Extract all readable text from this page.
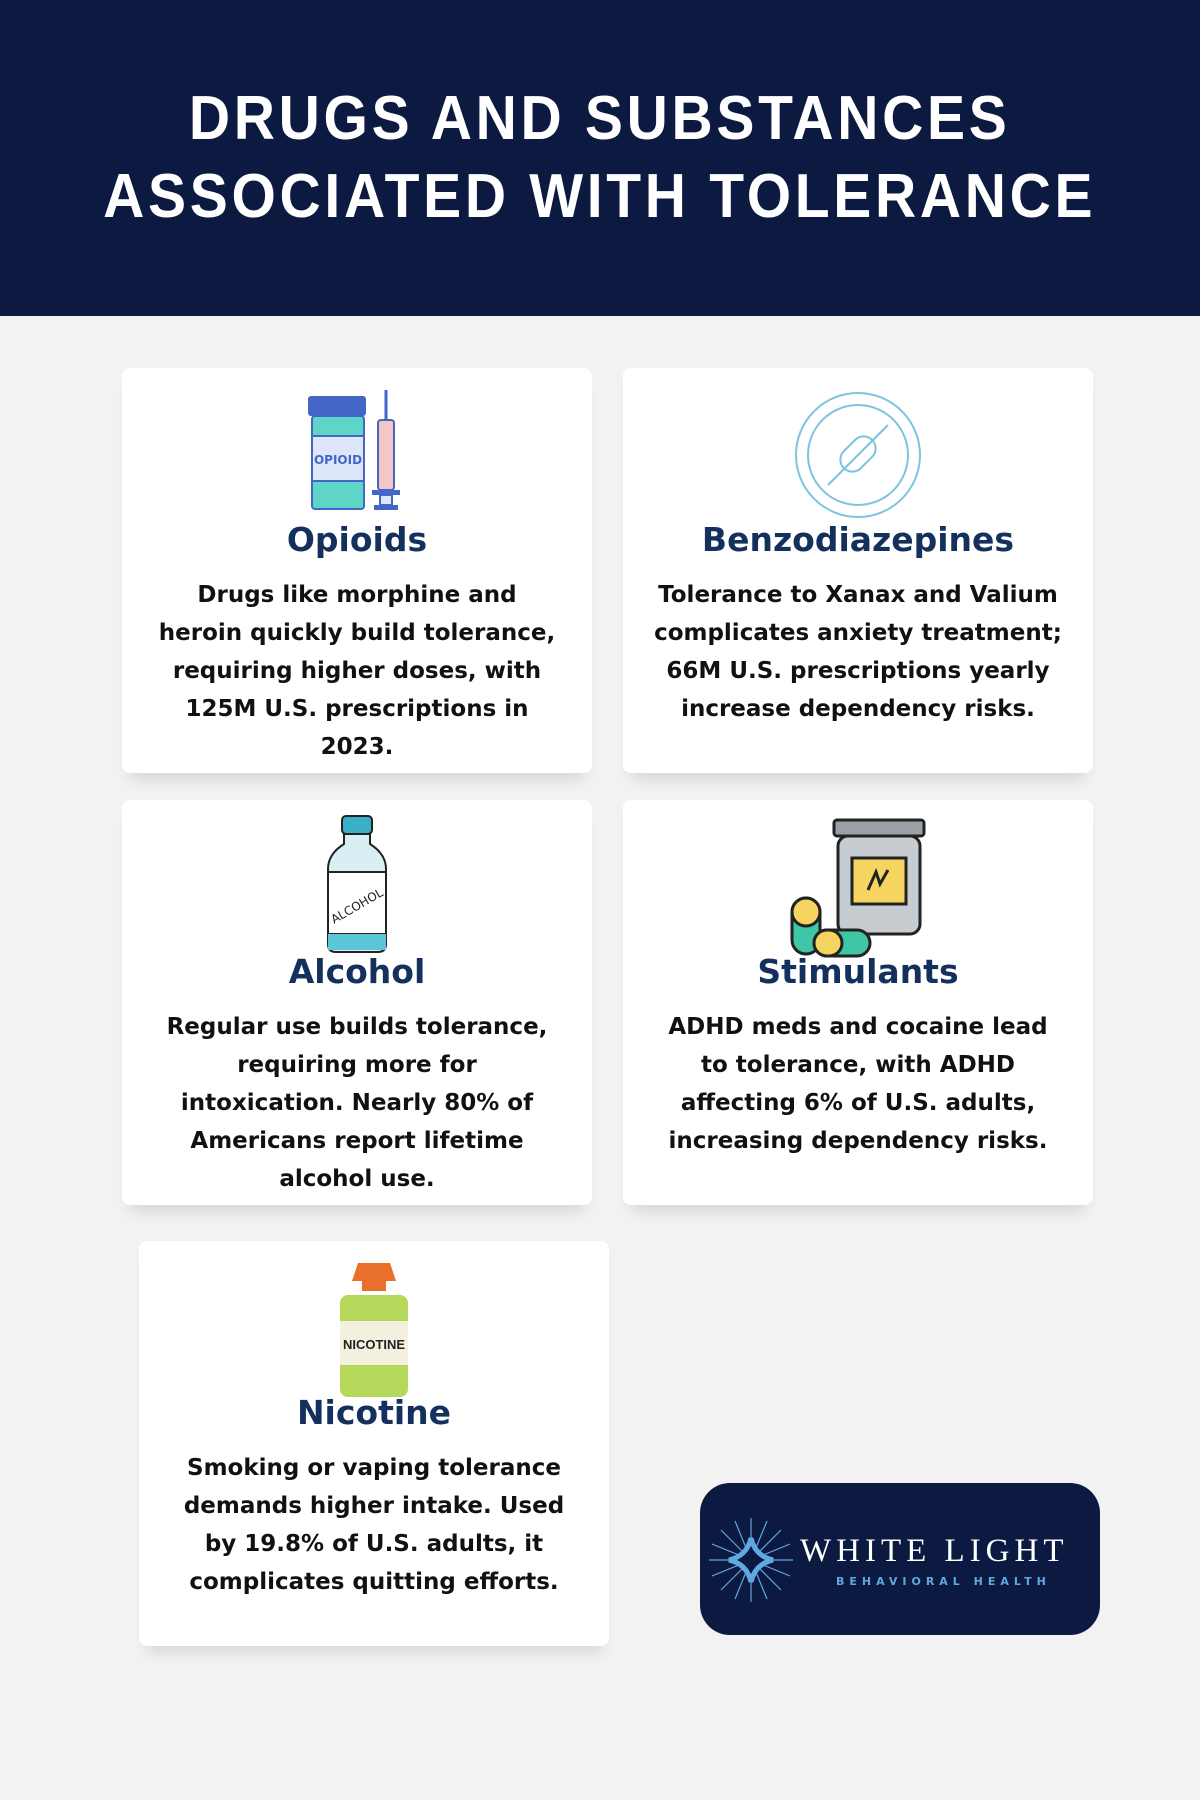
DRUGS AND SUBSTANCES
ASSOCIATED WITH TOLERANCE
OPIOID
Opioids
Drugs like morphine and heroin quickly build tolerance, requiring higher doses, with 125M U.S. prescriptions in 2023.
Benzodiazepines
Tolerance to Xanax and Valium complicates anxiety treatment; 66M U.S. prescriptions yearly increase dependency risks.
ALCOHOL
Alcohol
Regular use builds tolerance, requiring more for intoxication. Nearly 80% of Americans report lifetime alcohol use.
Stimulants
ADHD meds and cocaine lead to tolerance, with ADHD affecting 6% of U.S. adults, increasing dependency risks.
NICOTINE
Nicotine
Smoking or vaping tolerance demands higher intake. Used by 19.8% of U.S. adults, it complicates quitting efforts.
WHITE LIGHT
BEHAVIORAL HEALTH
